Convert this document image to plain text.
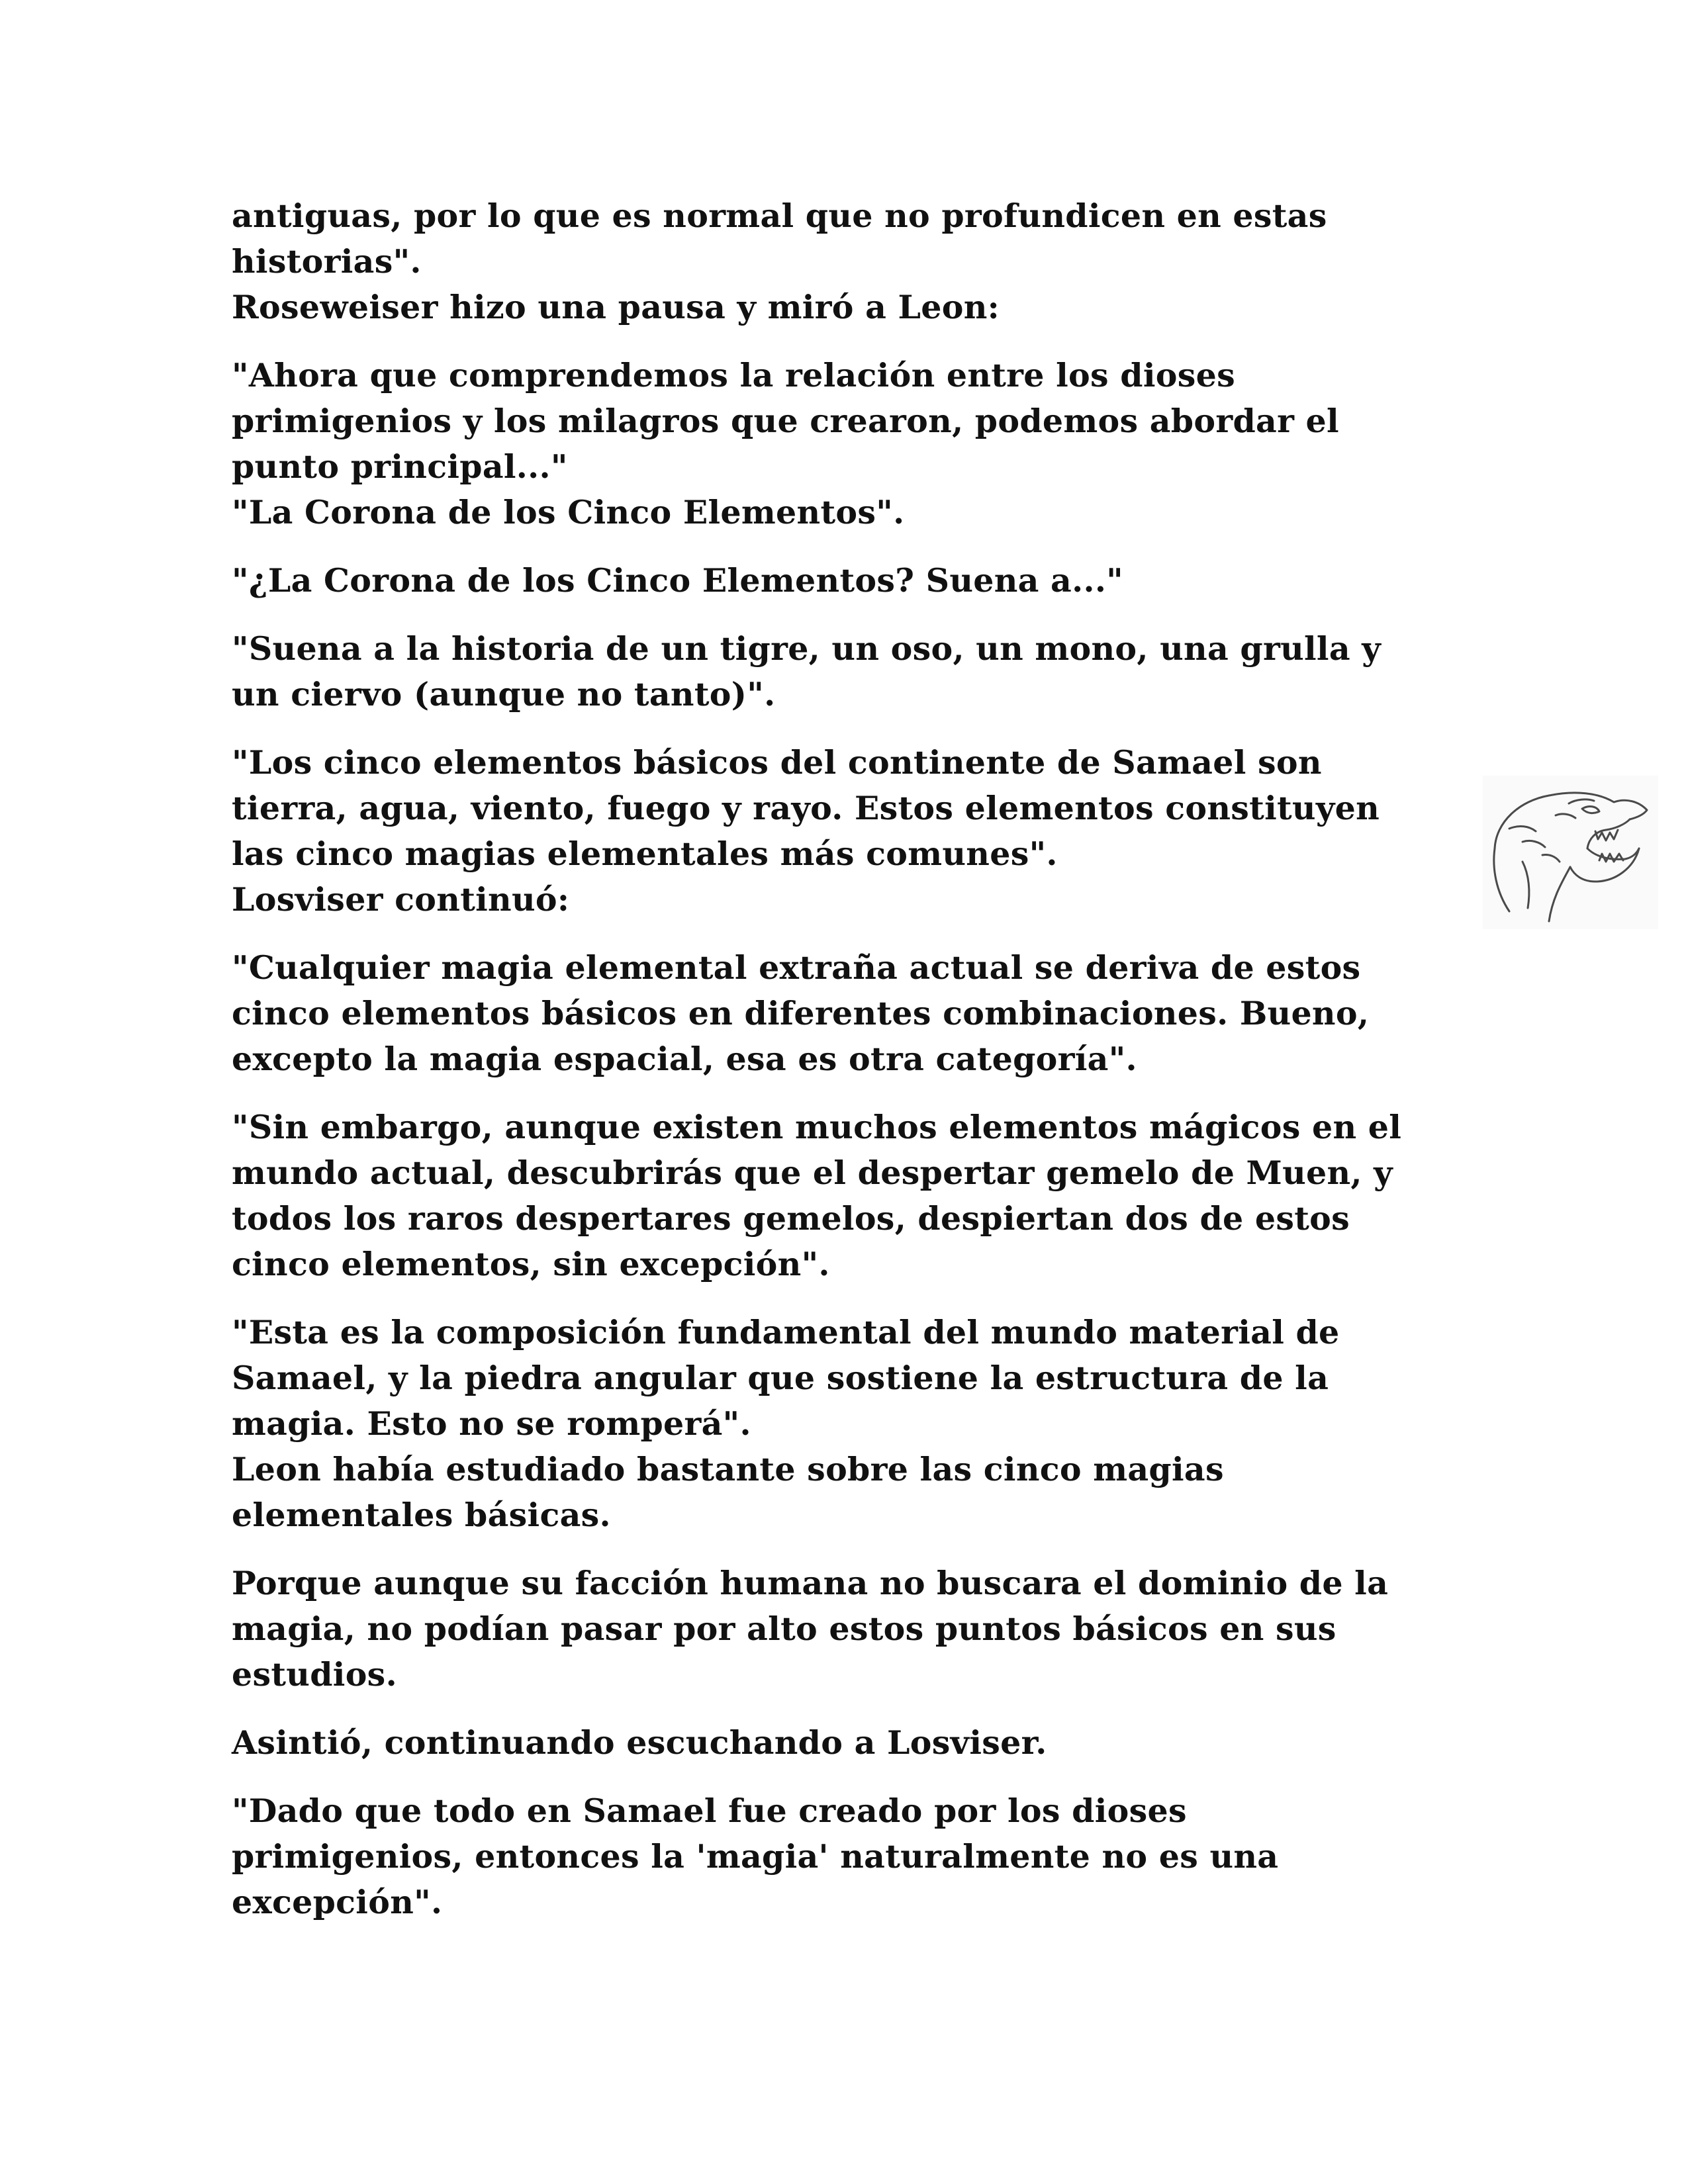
antiguas, por lo que es normal que no profundicen en estas
historias".
Roseweiser hizo una pausa y miró a Leon:

"Ahora que comprendemos la relación entre los dioses
primigenios y los milagros que crearon, podemos abordar el
punto principal..."
"La Corona de los Cinco Elementos".

"¿La Corona de los Cinco Elementos? Suena a..."

"Suena a la historia de un tigre, un oso, un mono, una grulla y
un ciervo (aunque no tanto)".

"Los cinco elementos básicos del continente de Samael son
tierra, agua, viento, fuego y rayo. Estos elementos constituyen
las cinco magias elementales más comunes".
Losviser continuó:

"Cualquier magia elemental extraña actual se deriva de estos
cinco elementos básicos en diferentes combinaciones. Bueno,
excepto la magia espacial, esa es otra categoría".

"Sin embargo, aunque existen muchos elementos mágicos en el
mundo actual, descubrirás que el despertar gemelo de Muen, y
todos los raros despertares gemelos, despiertan dos de estos
cinco elementos, sin excepción".

"Esta es la composición fundamental del mundo material de
Samael, y la piedra angular que sostiene la estructura de la
magia. Esto no se romperá".
Leon había estudiado bastante sobre las cinco magias
elementales básicas.

Porque aunque su facción humana no buscara el dominio de la
magia, no podían pasar por alto estos puntos básicos en sus
estudios.

Asintió, continuando escuchando a Losviser.

"Dado que todo en Samael fue creado por los dioses
primigenios, entonces la 'magia' naturalmente no es una
excepción".
